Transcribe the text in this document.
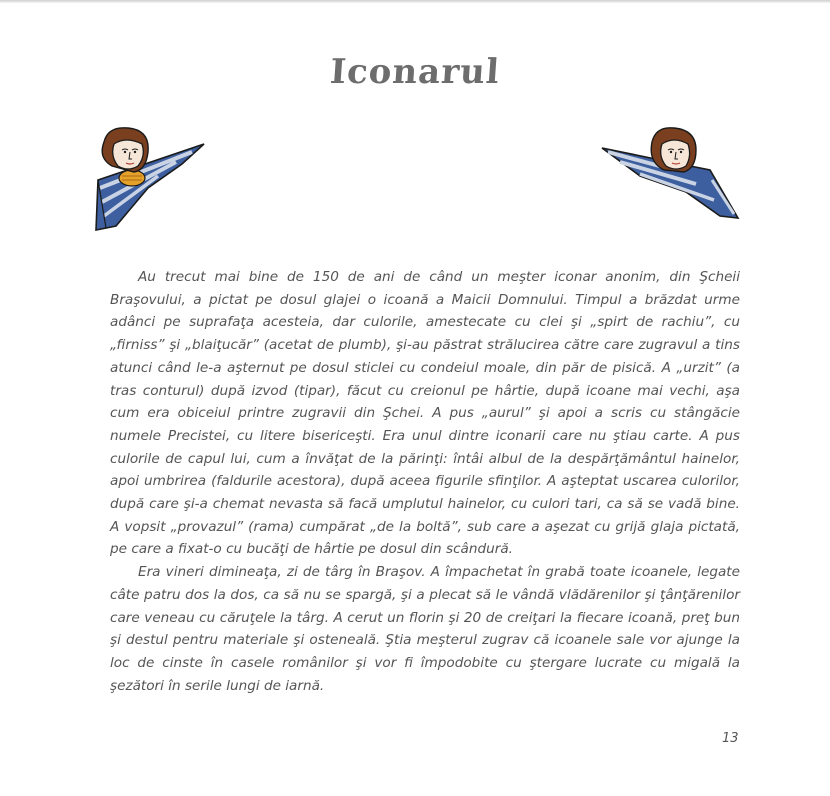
Iconarul

Au trecut mai bine de 150 de ani de când un meşter iconar anonim, din Şcheii Braşovului, a pictat pe dosul glajei o icoană a Maicii Domnului. Timpul a brăzdat urme adânci pe suprafaţa acesteia, dar culorile, amestecate cu clei şi „spirt de rachiu”, cu „firniss” şi „blaiţucăr” (acetat de plumb), şi-au păstrat strălucirea către care zugravul a tins atunci când le-a aşternut pe dosul sticlei cu condeiul moale, din păr de pisică. A „urzit” (a tras conturul) după izvod (tipar), făcut cu creionul pe hârtie, după icoane mai vechi, aşa cum era obiceiul printre zugravii din Şchei. A pus „aurul” şi apoi a scris cu stângăcie numele Precistei, cu litere bisericeşti. Era unul dintre iconarii care nu ştiau carte. A pus culorile de capul lui, cum a învăţat de la părinţi: întâi albul de la despărţământul hainelor, apoi umbrirea (faldurile acestora), după aceea figurile sfinţilor. A aşteptat uscarea culorilor, după care şi-a chemat nevasta să facă umplutul hainelor, cu culori tari, ca să se vadă bine. A vopsit „provazul” (rama) cumpărat „de la boltă”, sub care a aşezat cu grijă glaja pictată, pe care a fixat-o cu bucăţi de hârtie pe dosul din scândură.

Era vineri dimineaţa, zi de târg în Braşov. A împachetat în grabă toate icoanele, legate câte patru dos la dos, ca să nu se spargă, şi a plecat să le vândă vlădărenilor şi ţânţărenilor care veneau cu căruţele la târg. A cerut un florin şi 20 de creiţari la fiecare icoană, preţ bun şi destul pentru materiale şi osteneală. Ştia meşterul zugrav că icoanele sale vor ajunge la loc de cinste în casele românilor şi vor fi împodobite cu ştergare lucrate cu migală la şezători în serile lungi de iarnă.

13
